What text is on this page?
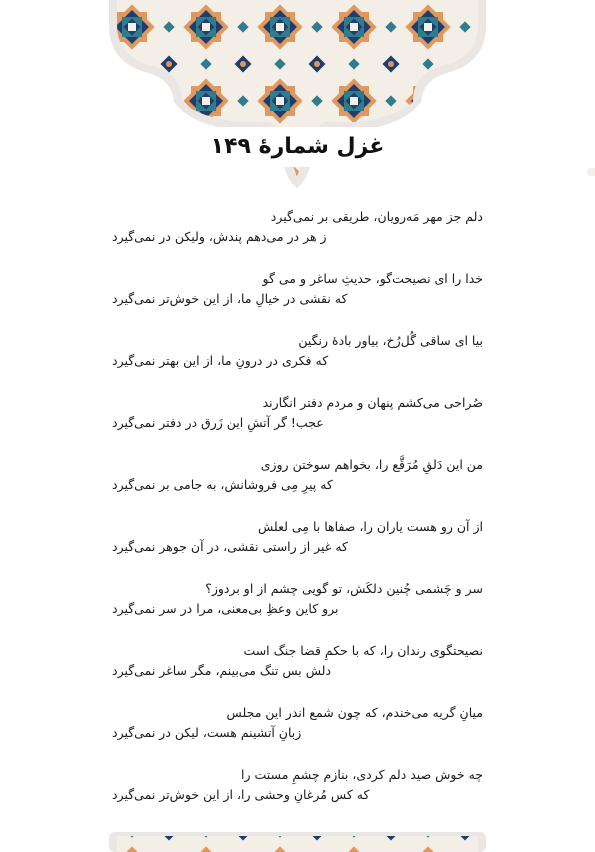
غزل شمارهٔ ۱۴۹
دلم جز مهر مَه‌رویان، طریقی بر نمی‌گیرد
ز هر در می‌دهم پندش، ولیکن در نمی‌گیرد
خدا را ای نصیحت‌گو، حدیثِ ساغر و می گو
که نقشی در خیالِ ما، از این خوش‌تر نمی‌گیرد
بیا ای ساقی گُل‌رُخ، بیاور بادهٔ رنگین
که فکری در درونِ ما، از این بهتر نمی‌گیرد
صُراحی می‌کشم پنهان و مردم دفتر انگارند
عجب! گر آتشِ این زَرق در دفتر نمی‌گیرد
من این دَلقِ مُرَقَّع را، بخواهم سوختن روزی
که پیرِ مِی فروشانش، به جامی بر نمی‌گیرد
از آن رو هست یاران را، صفاها با مِی لعلش
که غیر از راستی نقشی، در آن جوهر نمی‌گیرد
سر و چَشمی چُنین دلکَش، تو گویی چشم از او بردوز؟
برو کاین وعظِ بی‌معنی، مرا در سر نمی‌گیرد
نصیحتگوی رندان را، که با حکمِ قضا جنگ است
دلش بس تنگ می‌بینم، مگر ساغر نمی‌گیرد
میانِ گریه می‌خندم، که چون شمع اندر این مجلس
زبانِ آتشینم هست، لیکن در نمی‌گیرد
چه خوش صید دلم کردی، بنازم چشمِ مستت را
که کس مُرغانِ وحشی را، از این خوش‌تر نمی‌گیرد
